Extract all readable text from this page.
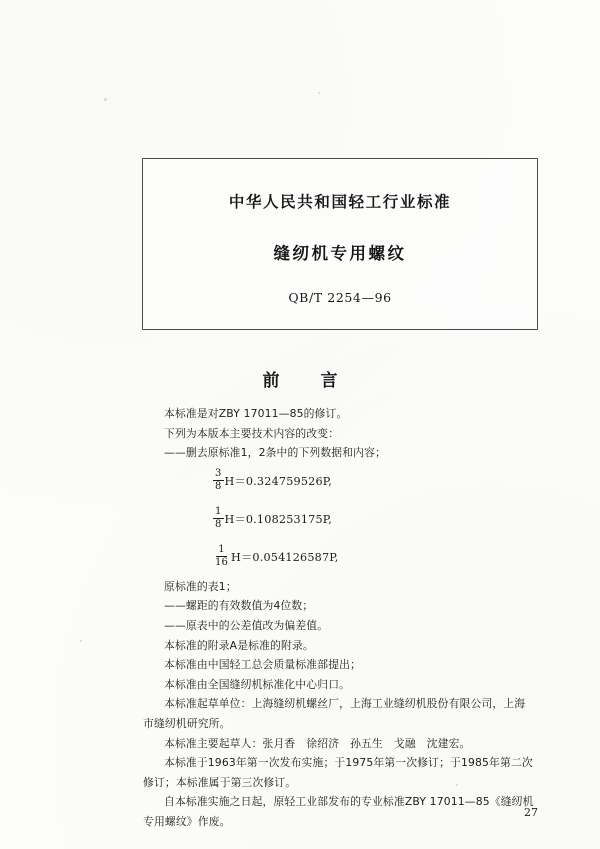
中华人民共和国轻工行业标准
缝纫机专用螺纹
QB/T 2254—96
前　言

本标准是对ZBY 17011—85的修订。

下列为本版本主要技术内容的改变：

——删去原标准1，2条中的下列数据和内容；

$\frac{3}{8} H=0.324759526P$,
$\frac{1}{8} H=0.108253175P$,
$\frac{1}{16} H=0.054126587P$,

原标准的表1；

——螺距的有效数值为4位数；

——原表中的公差值改为偏差值。

本标准的附录A是标准的附录。

本标准由中国轻工总会质量标准部提出；

本标准由全国缝纫机标准化中心归口。

本标准起草单位：上海缝纫机螺丝厂，上海工业缝纫机股份有限公司，上海市缝纫机研究所。

本标准主要起草人：张月香　徐绍济　孙五生　戈融　沈建宏。

本标准于1963年第一次发布实施；于1975年第一次修订；于1985年第二次修订；本标准属于第三次修订。

自本标准实施之日起，原轻工业部发布的专业标准ZBY 17011—85《缝纫机专用螺纹》作废。

27
